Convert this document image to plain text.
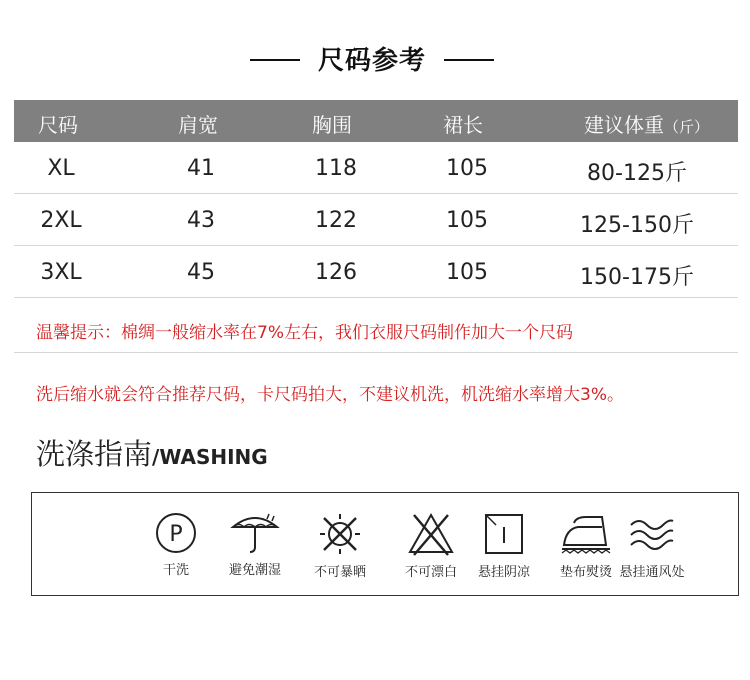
尺码参考
尺码	肩宽	胸围	裙长	建议体重（斤）
XL	41	118	105	80-125斤
2XL	43	122	105	125-150斤
3XL	45	126	105	150-175斤
温馨提示：棉绸一般缩水率在7%左右，我们衣服尺码制作加大一个尺码
洗后缩水就会符合推荐尺码，卡尺码拍大，不建议机洗，机洗缩水率增大3%。
洗涤指南/WASHING
P
干洗	避免潮湿	不可暴晒	不可漂白	悬挂阴凉	垫布熨烫 悬挂通风处
